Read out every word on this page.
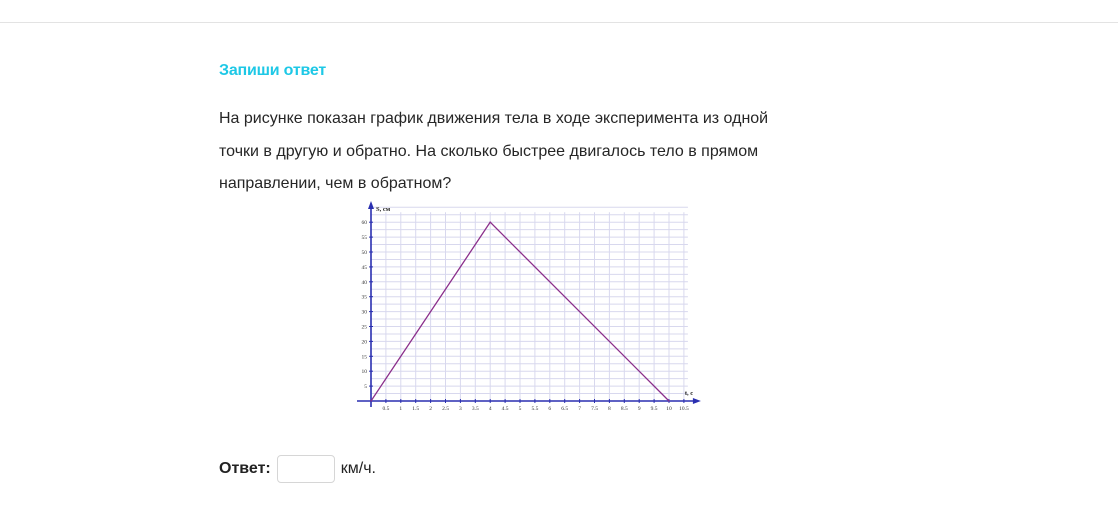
Запиши ответ
На рисунке показан график движения тела в ходе эксперимента из одной
точки в другую и обратно. На сколько быстрее двигалось тело в прямом
направлении, чем в обратном?
0.5 1 1.5 2 2.5 3 3.5 4 4.5 5 5.5 6 6.5 7 7.5 8 8.5 9 9.5 10 10.5
5
10
15
20
25
30
35
40
45
50
55
60
S, см
t, с
Ответ:	км/ч.
